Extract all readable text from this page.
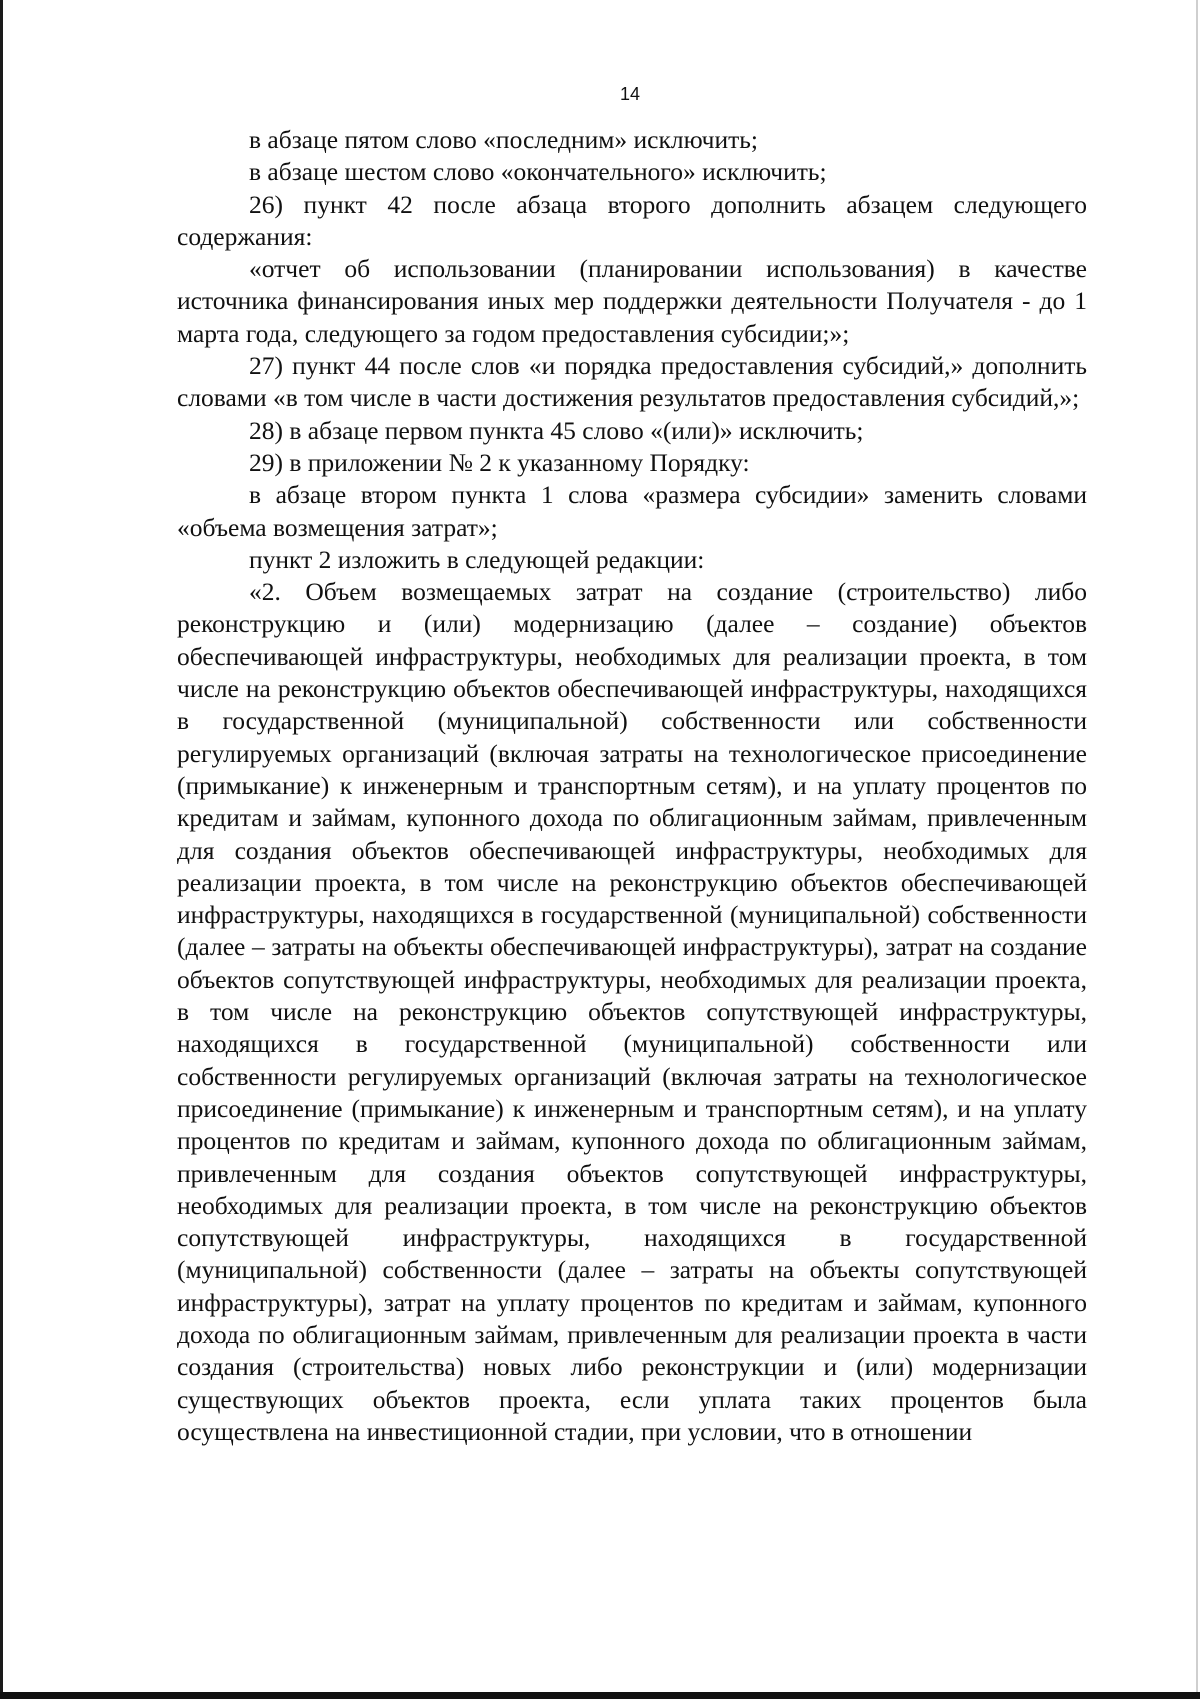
14

в абзаце пятом слово «последним» исключить;

в абзаце шестом слово «окончательного» исключить;

26) пункт 42 после абзаца второго дополнить абзацем следующего содержания:

«отчет об использовании (планировании использования) в качестве источника финансирования иных мер поддержки деятельности Получателя - до 1 марта года, следующего за годом предоставления субсидии;»;

27) пункт 44 после слов «и порядка предоставления субсидий,» дополнить словами «в том числе в части достижения результатов предоставления субсидий,»;

28) в абзаце первом пункта 45 слово «(или)» исключить;

29) в приложении № 2 к указанному Порядку:

в абзаце втором пункта 1 слова «размера субсидии» заменить словами «объема возмещения затрат»;

пункт 2 изложить в следующей редакции:

«2. Объем возмещаемых затрат на создание (строительство) либо реконструкцию и (или) модернизацию (далее – создание) объектов обеспечивающей инфраструктуры, необходимых для реализации проекта, в том числе на реконструкцию объектов обеспечивающей инфраструктуры, находящихся в государственной (муниципальной) собственности или собственности регулируемых организаций (включая затраты на технологическое присоединение (примыкание) к инженерным и транспортным сетям), и на уплату процентов по кредитам и займам, купонного дохода по облигационным займам, привлеченным для создания объектов обеспечивающей инфраструктуры, необходимых для реализации проекта, в том числе на реконструкцию объектов обеспечивающей инфраструктуры, находящихся в государственной (муниципальной) собственности (далее – затраты на объекты обеспечивающей инфраструктуры), затрат на создание объектов сопутствующей инфраструктуры, необходимых для реализации проекта, в том числе на реконструкцию объектов сопутствующей инфраструктуры, находящихся в государственной (муниципальной) собственности или собственности регулируемых организаций (включая затраты на технологическое присоединение (примыкание) к инженерным и транспортным сетям), и на уплату процентов по кредитам и займам, купонного дохода по облигационным займам, привлеченным для создания объектов сопутствующей инфраструктуры, необходимых для реализации проекта, в том числе на реконструкцию объектов сопутствующей инфраструктуры, находящихся в государственной (муниципальной) собственности (далее – затраты на объекты сопутствующей инфраструктуры), затрат на уплату процентов по кредитам и займам, купонного дохода по облигационным займам, привлеченным для реализации проекта в части создания (строительства) новых либо реконструкции и (или) модернизации существующих объектов проекта, если уплата таких процентов была осуществлена на инвестиционной стадии, при условии, что в отношении
